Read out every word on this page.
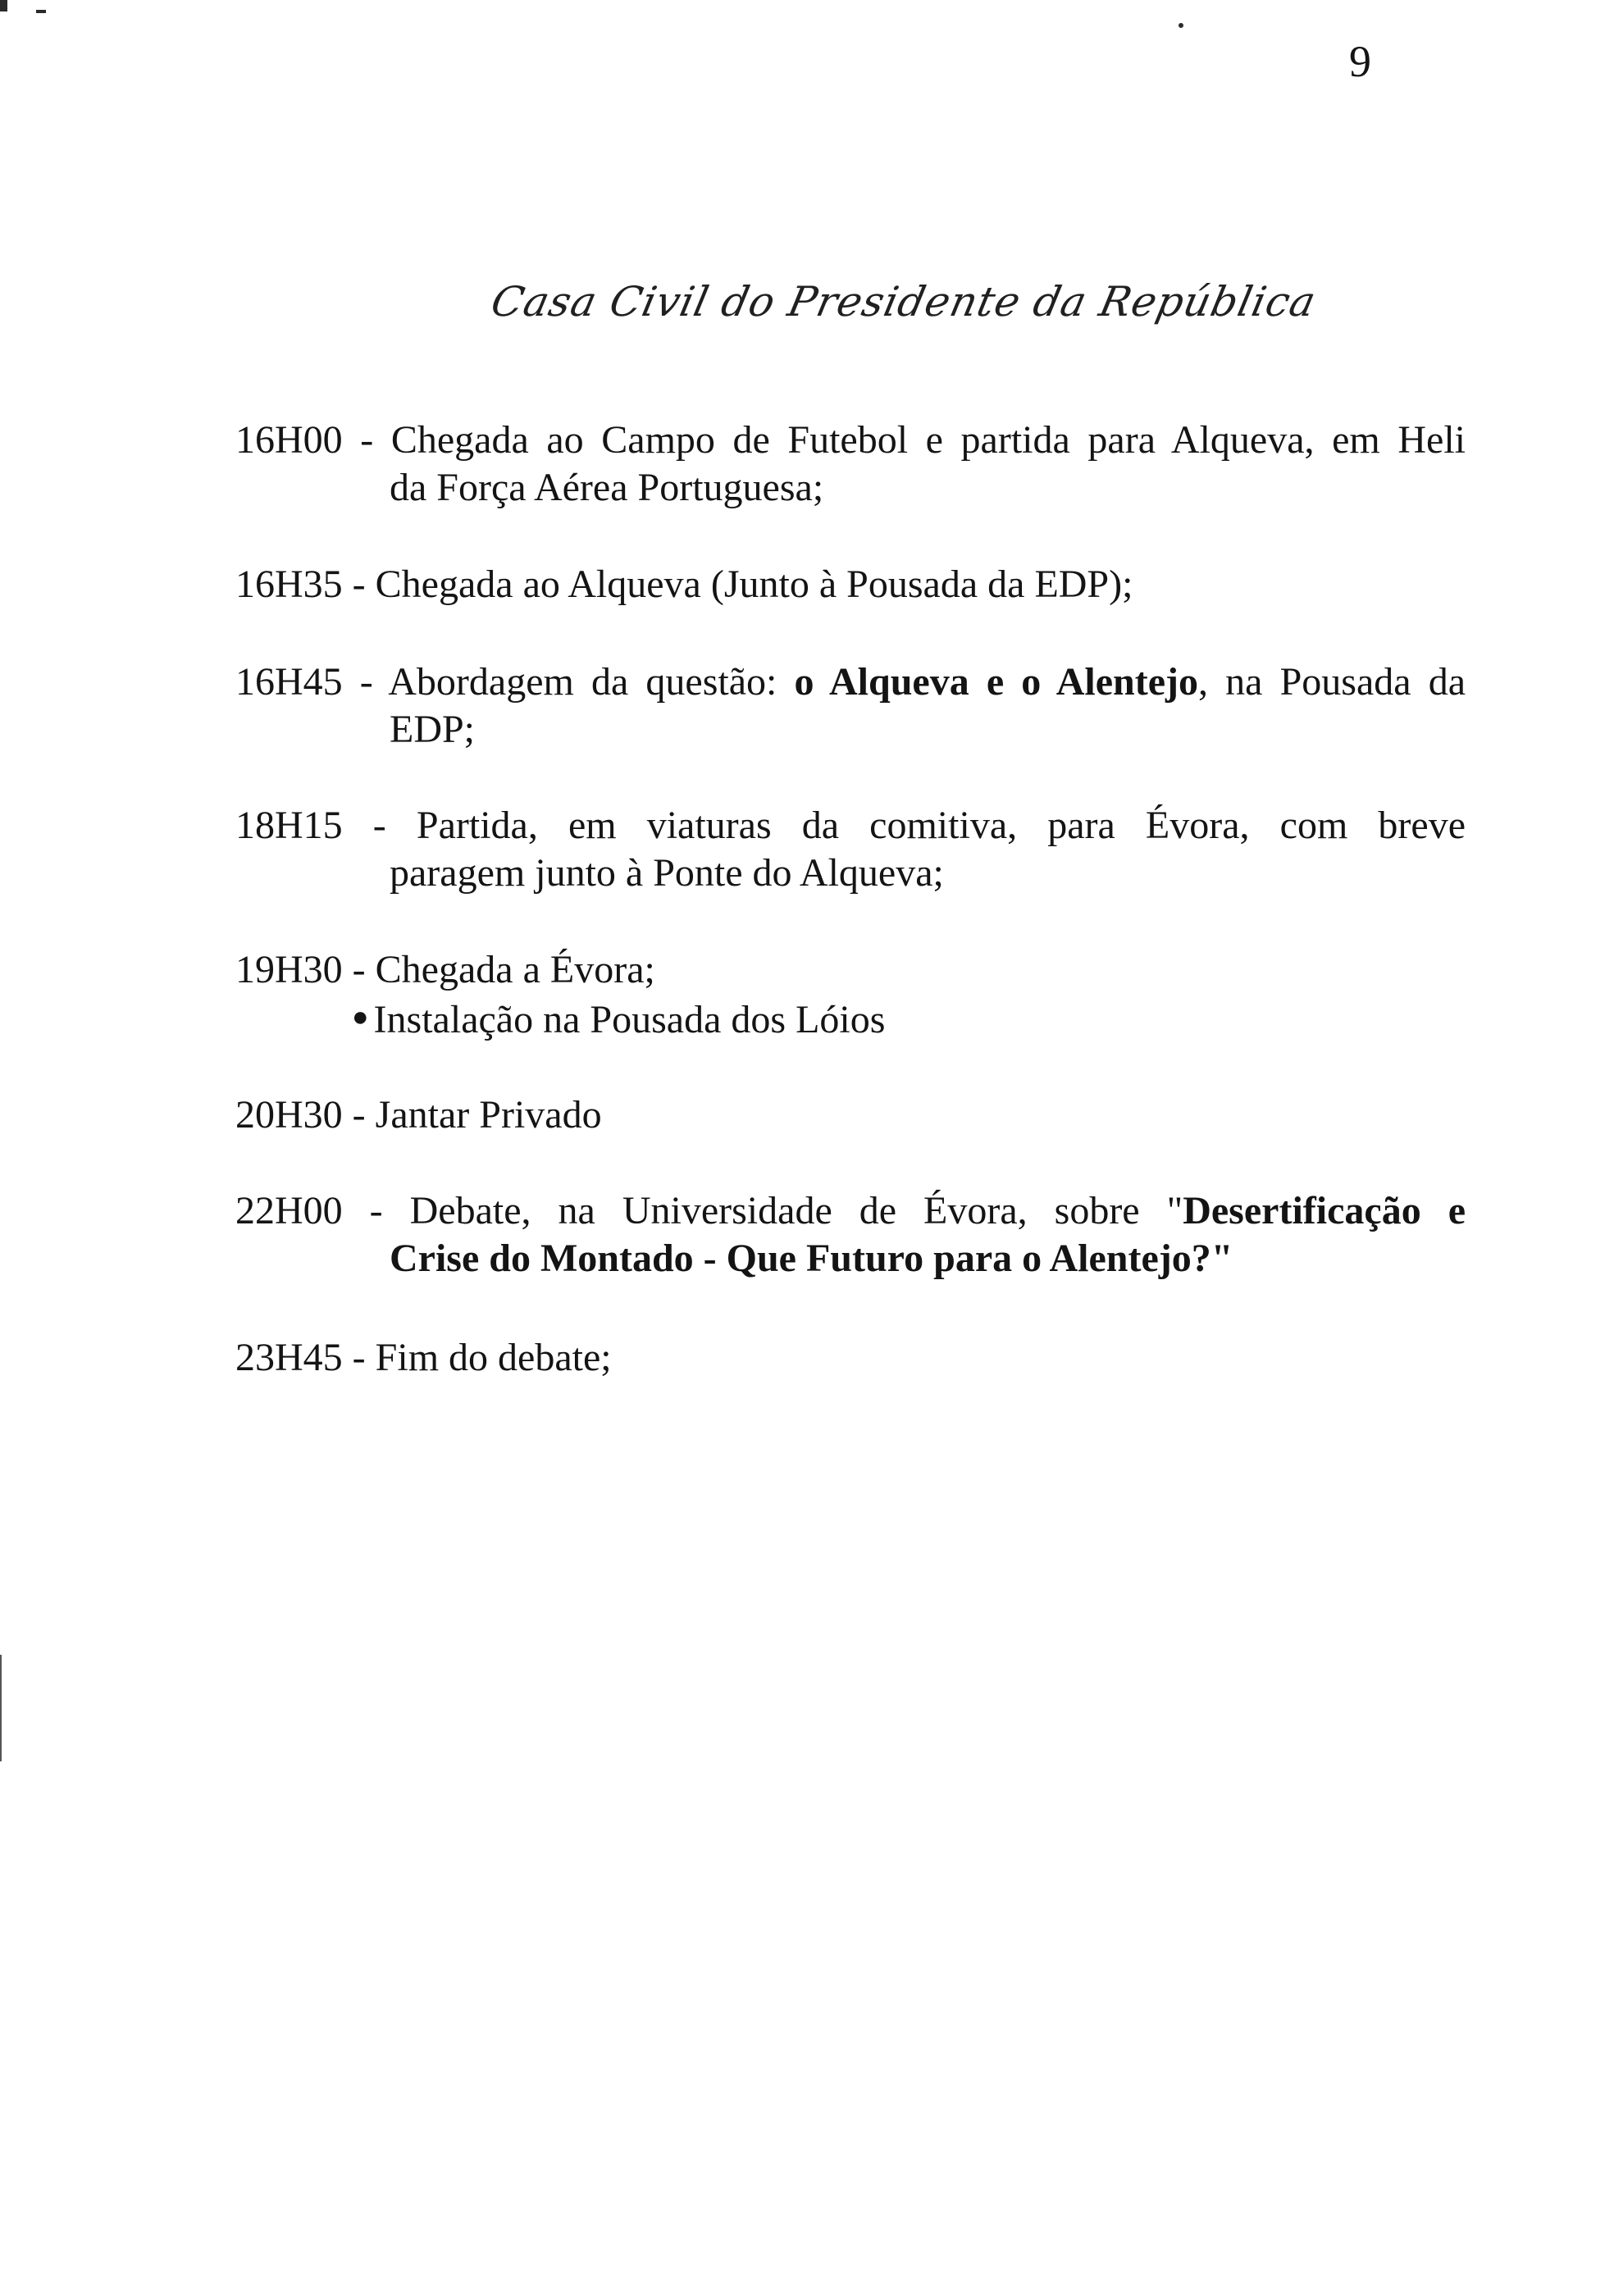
9
Casa Civil do Presidente da República
16H00 - Chegada ao Campo de Futebol e partida para Alqueva, em Heli
da Força Aérea Portuguesa;
16H35 - Chegada ao Alqueva (Junto à Pousada da EDP);
16H45 - Abordagem da questão: o Alqueva e o Alentejo, na Pousada da
EDP;
18H15 - Partida, em viaturas da comitiva, para Évora, com breve
paragem junto à Ponte do Alqueva;
19H30 - Chegada a Évora;
● Instalação na Pousada dos Lóios
20H30 - Jantar Privado
22H00 - Debate, na Universidade de Évora, sobre "Desertificação e
Crise do Montado - Que Futuro para o Alentejo?"
23H45 - Fim do debate;
